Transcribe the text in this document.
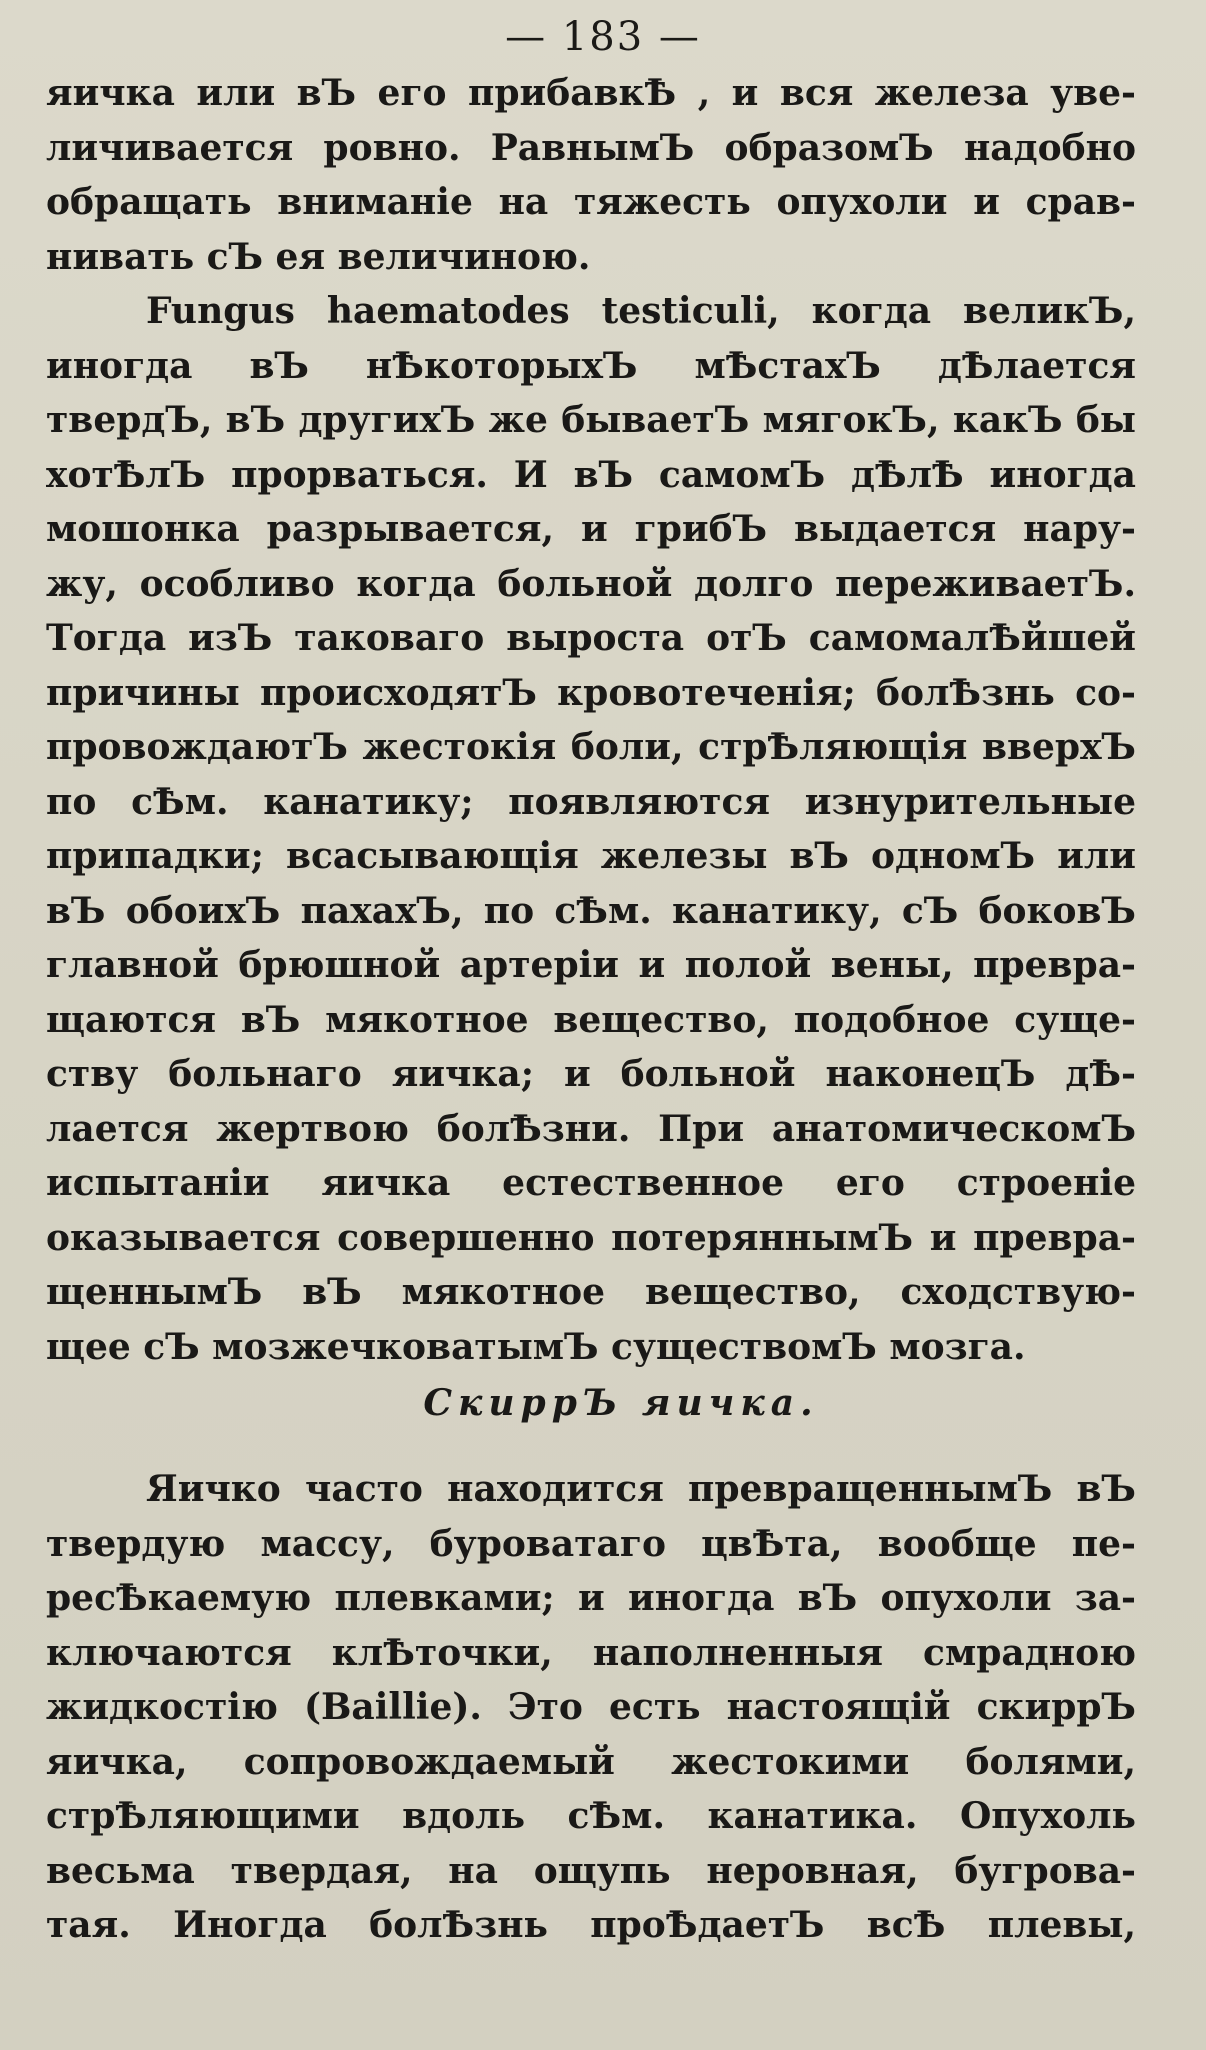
— 183 —
яичка или вЪ его прибавкѢ , и вся железа уве-
личивается ровно. РавнымЪ образомЪ надобно
обращать вниманіе на тяжесть опухоли и срав-
нивать сЪ ея величиною.
Fungus haematodes testiculi, когда великЪ,
иногда вЪ нѢкоторыхЪ мѢстахЪ дѢлается
твердЪ, вЪ другихЪ же бываетЪ мягокЪ, какЪ бы
хотѢлЪ прорваться. И вЪ самомЪ дѢлѢ иногда
мошонка разрывается, и грибЪ выдается нару-
жу, особливо когда больной долго переживаетЪ.
Тогда изЪ таковаго выроста отЪ самомалѢйшей
причины происходятЪ кровотеченія; болѢзнь со-
провождаютЪ жестокія боли, стрѢляющія вверхЪ
по сѢм. канатику; появляются изнурительные
припадки; всасывающія железы вЪ одномЪ или
вЪ обоихЪ пахахЪ, по сѢм. канатику, сЪ боковЪ
главной брюшной артеріи и полой вены, превра-
щаются вЪ мякотное вещество, подобное суще-
ству больнаго яичка; и больной наконецЪ дѢ-
лается жертвою болѢзни. При анатомическомЪ
испытаніи яичка естественное его строеніе
оказывается совершенно потеряннымЪ и превра-
щеннымЪ вЪ мякотное вещество, сходствую-
щее сЪ мозжечковатымЪ существомЪ мозга.
СкиррЪ яичка.
Яичко часто находится превращеннымЪ вЪ
твердую массу, буроватаго цвѢта, вообще пе-
ресѢкаемую плевками; и иногда вЪ опухоли за-
ключаются клѢточки, наполненныя смрадною
жидкостію (Baillie). Это есть настоящій скиррЪ
яичка, сопровождаемый жестокими болями,
стрѢляющими вдоль сѢм. канатика. Опухоль
весьма твердая, на ощупь неровная, бугрова-
тая. Иногда болѢзнь проѢдаетЪ всѢ плевы,
